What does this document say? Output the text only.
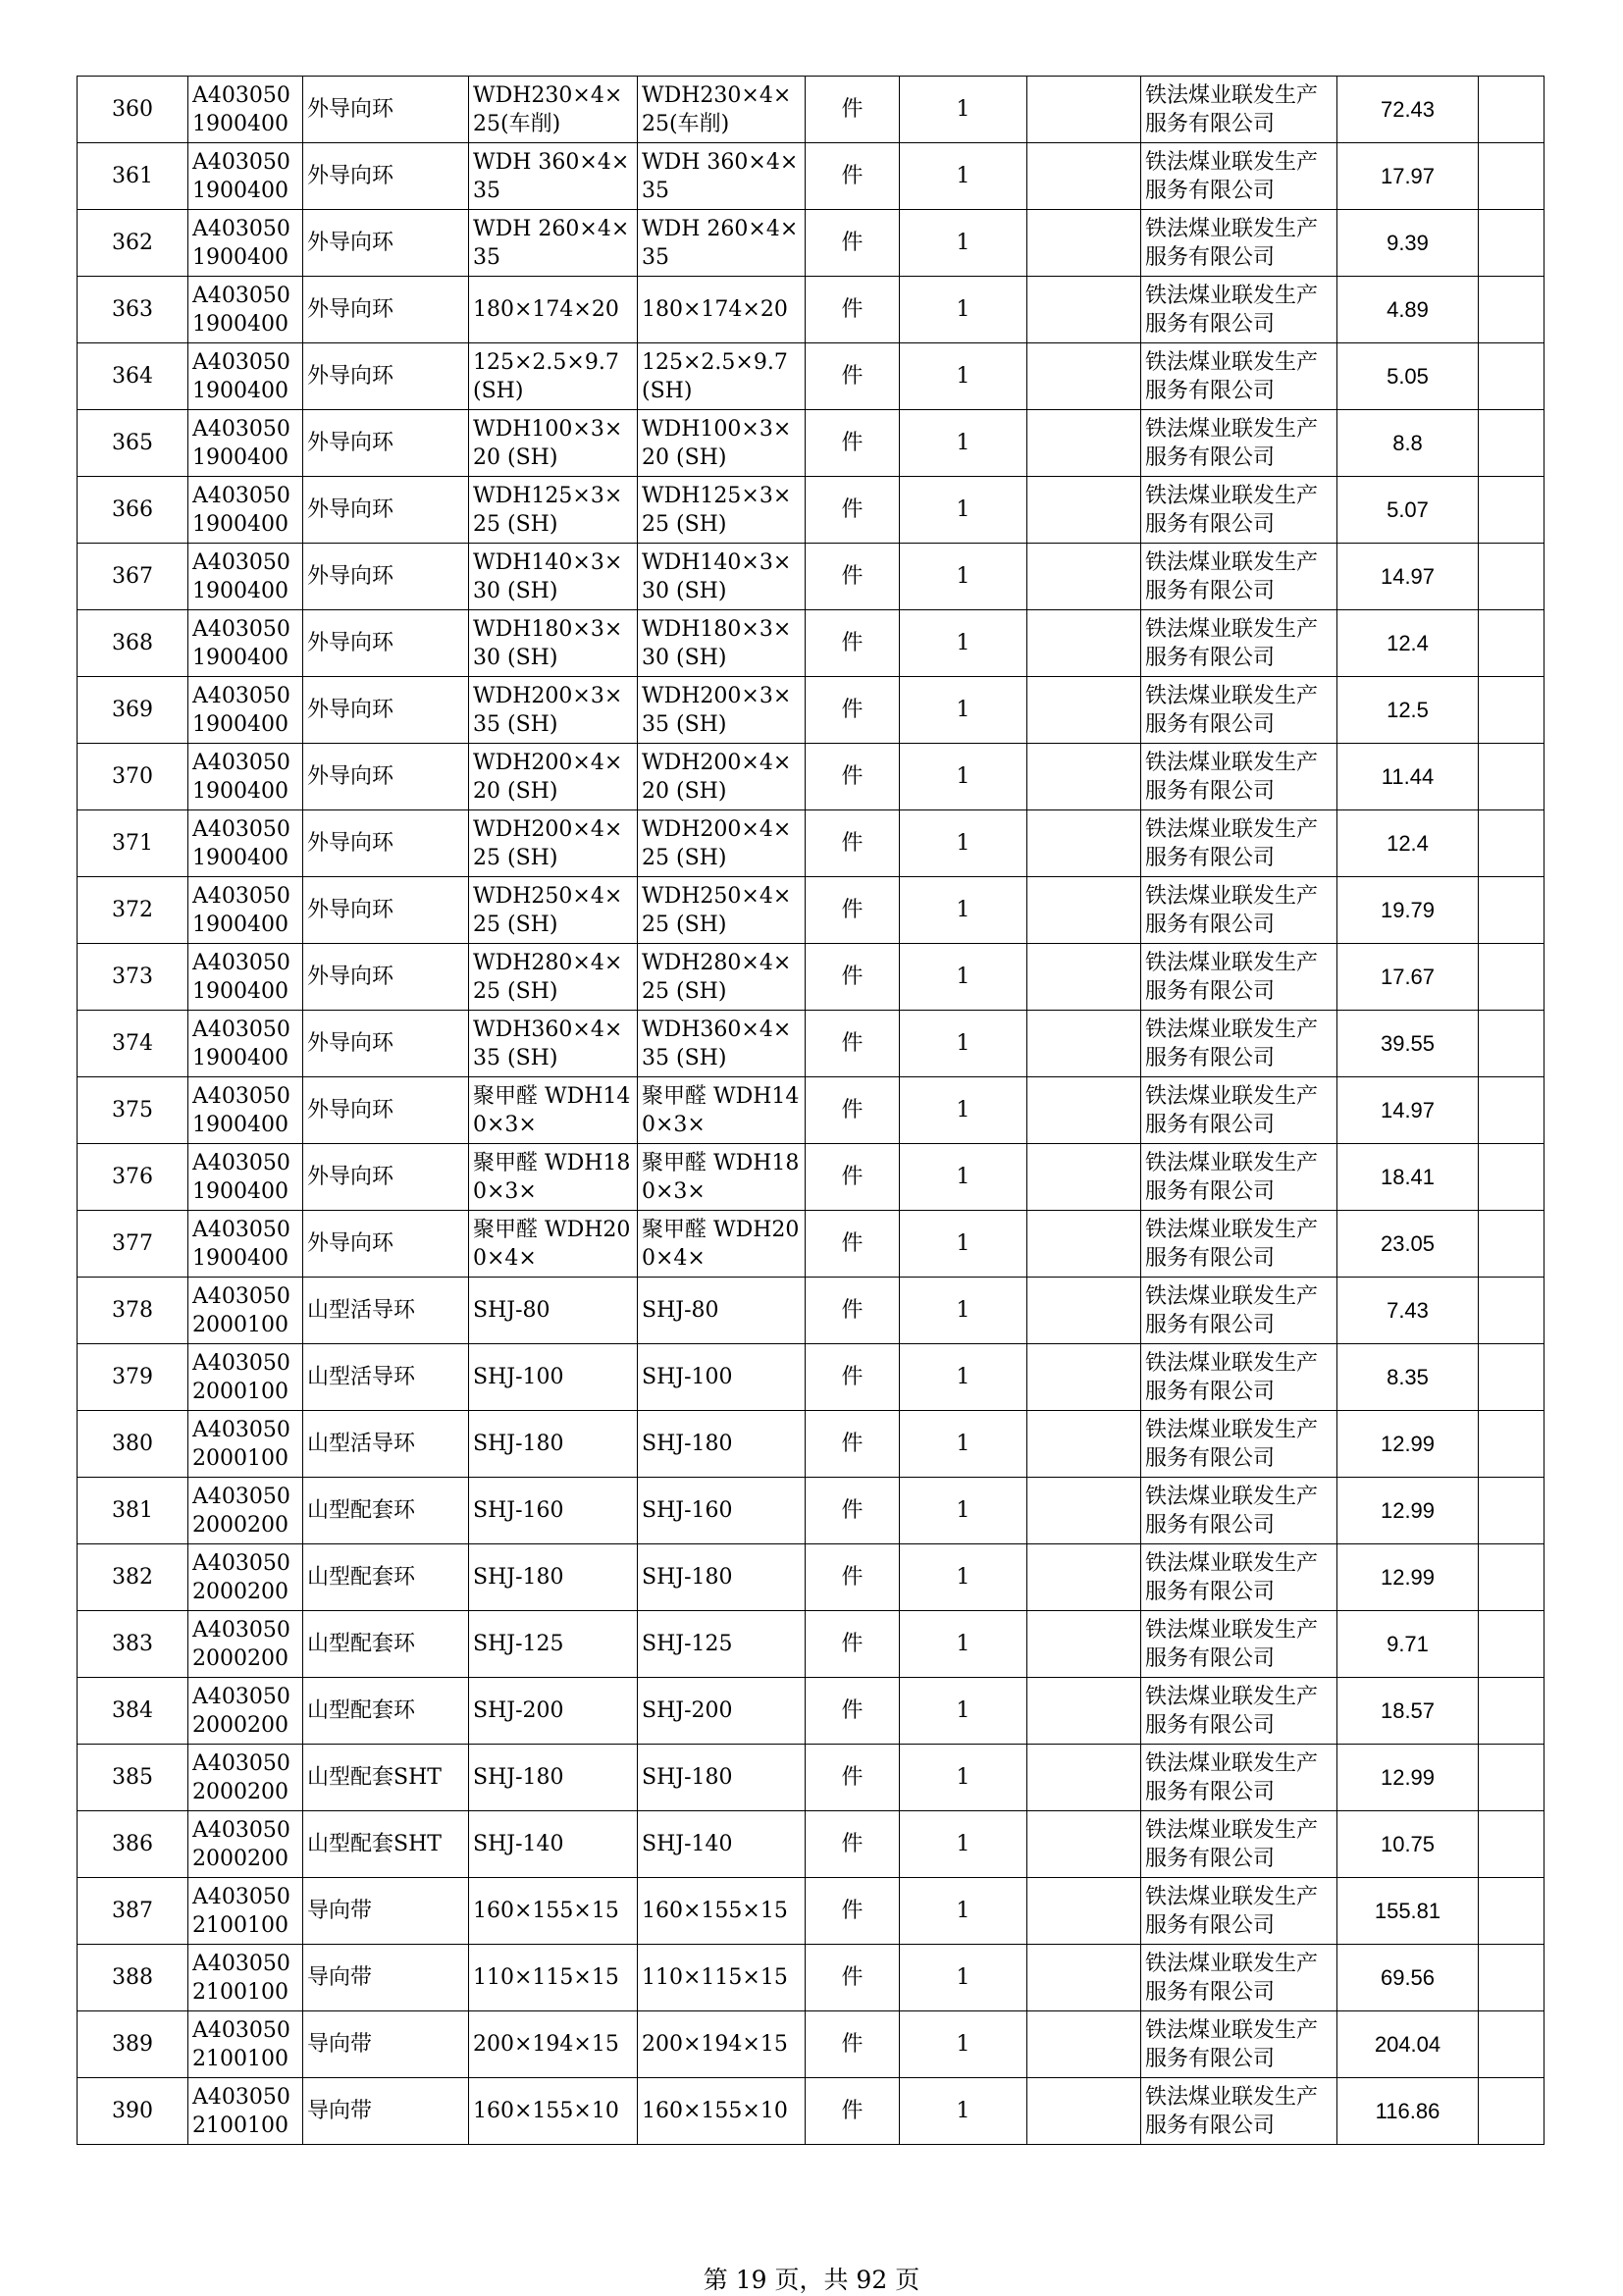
360	A403050 1900400	外导向环	WDH230×4×25(车削)	WDH230×4×25(车削)	件	1		铁法煤业联发生产服务有限公司	72.43	
361	A403050 1900400	外导向环	WDH 360×4×35	WDH 360×4×35	件	1		铁法煤业联发生产服务有限公司	17.97	
362	A403050 1900400	外导向环	WDH 260×4×35	WDH 260×4×35	件	1		铁法煤业联发生产服务有限公司	9.39	
363	A403050 1900400	外导向环	180×174×20	180×174×20	件	1		铁法煤业联发生产服务有限公司	4.89	
364	A403050 1900400	外导向环	125×2.5×9.7(SH)	125×2.5×9.7(SH)	件	1		铁法煤业联发生产服务有限公司	5.05	
365	A403050 1900400	外导向环	WDH100×3×20 (SH)	WDH100×3×20 (SH)	件	1		铁法煤业联发生产服务有限公司	8.8	
366	A403050 1900400	外导向环	WDH125×3×25 (SH)	WDH125×3×25 (SH)	件	1		铁法煤业联发生产服务有限公司	5.07	
367	A403050 1900400	外导向环	WDH140×3×30 (SH)	WDH140×3×30 (SH)	件	1		铁法煤业联发生产服务有限公司	14.97	
368	A403050 1900400	外导向环	WDH180×3×30 (SH)	WDH180×3×30 (SH)	件	1		铁法煤业联发生产服务有限公司	12.4	
369	A403050 1900400	外导向环	WDH200×3×35 (SH)	WDH200×3×35 (SH)	件	1		铁法煤业联发生产服务有限公司	12.5	
370	A403050 1900400	外导向环	WDH200×4×20 (SH)	WDH200×4×20 (SH)	件	1		铁法煤业联发生产服务有限公司	11.44	
371	A403050 1900400	外导向环	WDH200×4×25 (SH)	WDH200×4×25 (SH)	件	1		铁法煤业联发生产服务有限公司	12.4	
372	A403050 1900400	外导向环	WDH250×4×25 (SH)	WDH250×4×25 (SH)	件	1		铁法煤业联发生产服务有限公司	19.79	
373	A403050 1900400	外导向环	WDH280×4×25 (SH)	WDH280×4×25 (SH)	件	1		铁法煤业联发生产服务有限公司	17.67	
374	A403050 1900400	外导向环	WDH360×4×35 (SH)	WDH360×4×35 (SH)	件	1		铁法煤业联发生产服务有限公司	39.55	
375	A403050 1900400	外导向环	聚甲醛 WDH140×3×	聚甲醛 WDH140×3×	件	1		铁法煤业联发生产服务有限公司	14.97	
376	A403050 1900400	外导向环	聚甲醛 WDH180×3×	聚甲醛 WDH180×3×	件	1		铁法煤业联发生产服务有限公司	18.41	
377	A403050 1900400	外导向环	聚甲醛 WDH200×4×	聚甲醛 WDH200×4×	件	1		铁法煤业联发生产服务有限公司	23.05	
378	A403050 2000100	山型活导环	SHJ-80	SHJ-80	件	1		铁法煤业联发生产服务有限公司	7.43	
379	A403050 2000100	山型活导环	SHJ-100	SHJ-100	件	1		铁法煤业联发生产服务有限公司	8.35	
380	A403050 2000100	山型活导环	SHJ-180	SHJ-180	件	1		铁法煤业联发生产服务有限公司	12.99	
381	A403050 2000200	山型配套环	SHJ-160	SHJ-160	件	1		铁法煤业联发生产服务有限公司	12.99	
382	A403050 2000200	山型配套环	SHJ-180	SHJ-180	件	1		铁法煤业联发生产服务有限公司	12.99	
383	A403050 2000200	山型配套环	SHJ-125	SHJ-125	件	1		铁法煤业联发生产服务有限公司	9.71	
384	A403050 2000200	山型配套环	SHJ-200	SHJ-200	件	1		铁法煤业联发生产服务有限公司	18.57	
385	A403050 2000200	山型配套SHT	SHJ-180	SHJ-180	件	1		铁法煤业联发生产服务有限公司	12.99	
386	A403050 2000200	山型配套SHT	SHJ-140	SHJ-140	件	1		铁法煤业联发生产服务有限公司	10.75	
387	A403050 2100100	导向带	160×155×15	160×155×15	件	1		铁法煤业联发生产服务有限公司	155.81	
388	A403050 2100100	导向带	110×115×15	110×115×15	件	1		铁法煤业联发生产服务有限公司	69.56	
389	A403050 2100100	导向带	200×194×15	200×194×15	件	1		铁法煤业联发生产服务有限公司	204.04	
390	A403050 2100100	导向带	160×155×10	160×155×10	件	1		铁法煤业联发生产服务有限公司	116.86	
第 19 页，共 92 页
